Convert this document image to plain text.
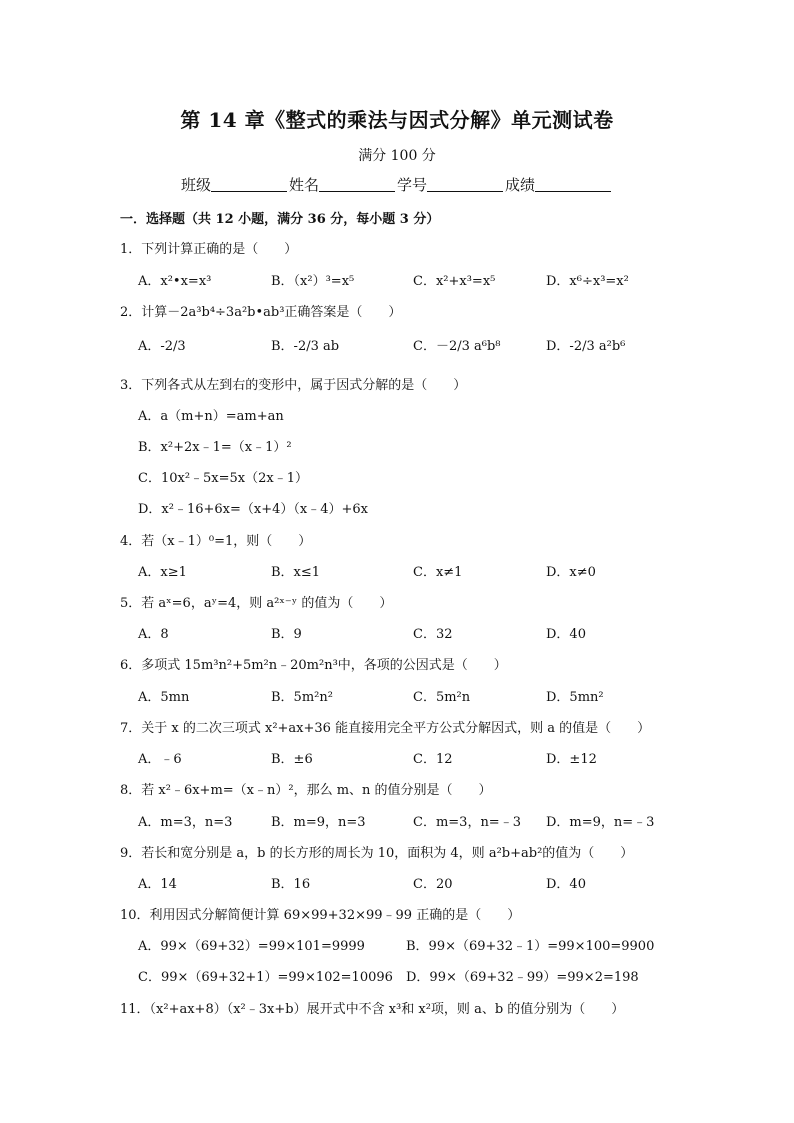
第 14 章《整式的乘法与因式分解》单元测试卷
满分 100 分
班级	姓名	学号	成绩
一．选择题（共 12 小题，满分 36 分，每小题 3 分）
1．下列计算正确的是（　　）
A．x²•x=x³	B．（x²）³=x⁵	C．x²+x³=x⁵	D．x⁶÷x³=x²
2．计算－2a³b⁴÷3a²b•ab³正确答案是（　　）
A．-2/3	B．-2/3 ab	C．－2/3 a⁶b⁸	D．-2/3 a²b⁶
3．下列各式从左到右的变形中，属于因式分解的是（　　）
A．a（m+n）=am+an
B．x²+2x﹣1=（x﹣1）²
C．10x²﹣5x=5x（2x﹣1）
D．x²﹣16+6x=（x+4）（x﹣4）+6x
4．若（x﹣1）⁰=1，则（　　）
A．x≥1	B．x≤1	C．x≠1	D．x≠0
5．若 aˣ=6，aʸ=4，则 a²ˣ⁻ʸ 的值为（　　）
A．8	B．9	C．32	D．40
6．多项式 15m³n²+5m²n﹣20m²n³中，各项的公因式是（　　）
A．5mn	B．5m²n²	C．5m²n	D．5mn²
7．关于 x 的二次三项式 x²+ax+36 能直接用完全平方公式分解因式，则 a 的值是（　　）
A．﹣6	B．±6	C．12	D．±12
8．若 x²﹣6x+m=（x﹣n）²，那么 m、n 的值分别是（　　）
A．m=3，n=3	B．m=9，n=3	C．m=3，n=﹣3 D．m=9，n=﹣3
9．若长和宽分别是 a，b 的长方形的周长为 10，面积为 4，则 a²b+ab²的值为（　　）
A．14	B．16	C．20	D．40
10．利用因式分解简便计算 69×99+32×99﹣99 正确的是（　　）
A．99×（69+32）=99×101=9999	B．99×（69+32﹣1）=99×100=9900
C．99×（69+32+1）=99×102=10096 D．99×（69+32﹣99）=99×2=198
11．（x²+ax+8）（x²﹣3x+b）展开式中不含 x³和 x²项，则 a、b 的值分别为（　　）
